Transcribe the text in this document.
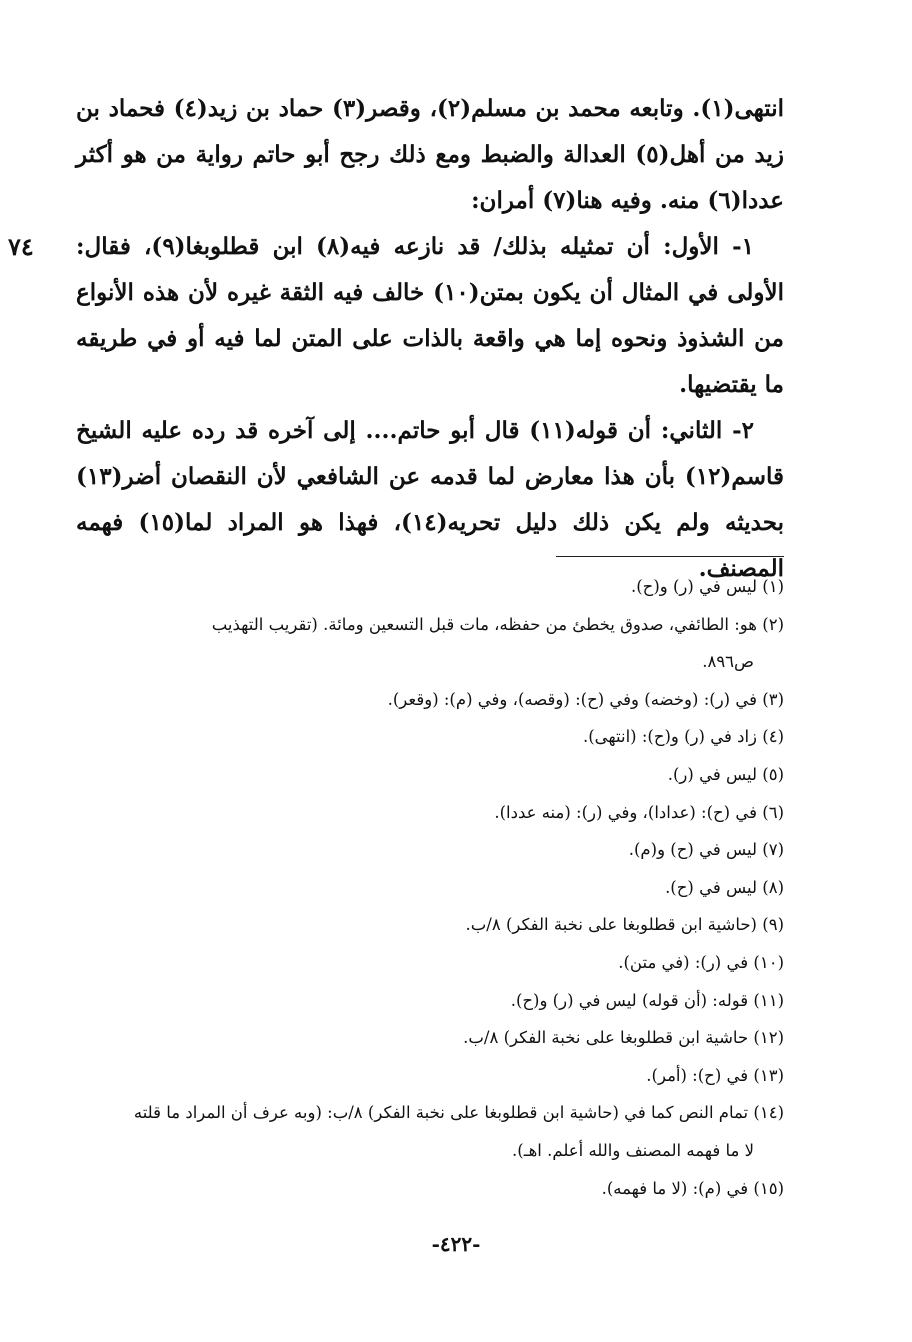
٧٤

انتهى(١). وتابعه محمد بن مسلم(٢)، وقصر(٣) حماد بن زيد(٤) فحماد بن زيد من أهل(٥) العدالة والضبط ومع ذلك رجح أبو حاتم رواية من هو أكثر عددا(٦) منه. وفيه هنا(٧) أمران:

١- الأول: أن تمثيله بذلك/ قد نازعه فيه(٨) ابن قطلوبغا(٩)، فقال: الأولى في المثال أن يكون بمتن(١٠) خالف فيه الثقة غيره لأن هذه الأنواع من الشذوذ ونحوه إما هي واقعة بالذات على المتن لما فيه أو في طريقه ما يقتضيها.

٢- الثاني: أن قوله(١١) قال أبو حاتم.... إلى آخره قد رده عليه الشيخ قاسم(١٢) بأن هذا معارض لما قدمه عن الشافعي لأن النقصان أضر(١٣) بحديثه ولم يكن ذلك دليل تحريه(١٤)، فهذا هو المراد لما(١٥) فهمه المصنف.

(١) ليس في (ر) و(ح).
(٢) هو: الطائفي، صدوق يخطئ من حفظه، مات قبل التسعين ومائة. (تقريب التهذيب
ص٨٩٦.
(٣) في (ر): (وخضه) وفي (ح): (وقصه)، وفي (م): (وقعر).
(٤) زاد في (ر) و(ح): (انتهى).
(٥) ليس في (ر).
(٦) في (ح): (عدادا)، وفي (ر): (منه عددا).
(٧) ليس في (ح) و(م).
(٨) ليس في (ح).
(٩) (حاشية ابن قطلوبغا على نخبة الفكر) ٨/ب.
(١٠) في (ر): (في متن).
(١١) قوله: (أن قوله) ليس في (ر) و(ح).
(١٢) حاشية ابن قطلوبغا على نخبة الفكر) ٨/ب.
(١٣) في (ح): (أمر).
(١٤) تمام النص كما في (حاشية ابن قطلوبغا على نخبة الفكر) ٨/ب: (وبه عرف أن المراد ما قلته
لا ما فهمه المصنف والله أعلم. اهـ).
(١٥) في (م): (لا ما فهمه).
-٤٢٢-
